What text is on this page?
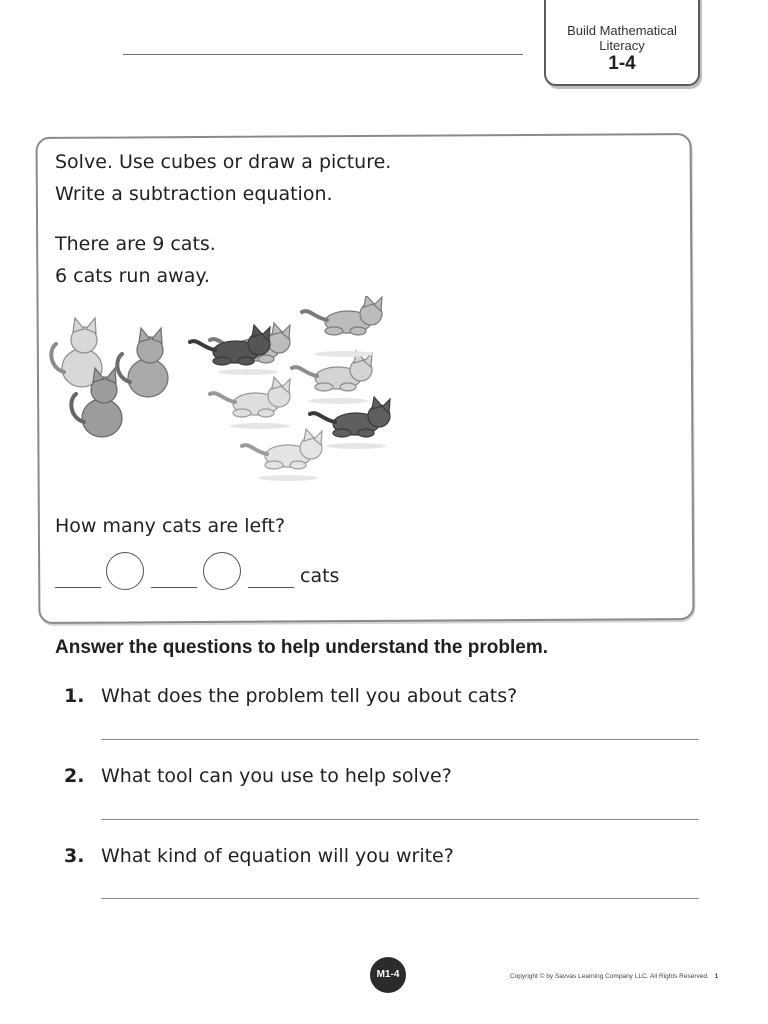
Build Mathematical
Literacy
1-4
Solve. Use cubes or draw a picture.
Write a subtraction equation.
There are 9 cats.
6 cats run away.
How many cats are left?
cats
Answer the questions to help understand the problem.
1. What does the problem tell you about cats?
2. What tool can you use to help solve?
3. What kind of equation will you write?
M1-4	Copyright © by Savvas Learning Company LLC. All Rights Reserved. 1
